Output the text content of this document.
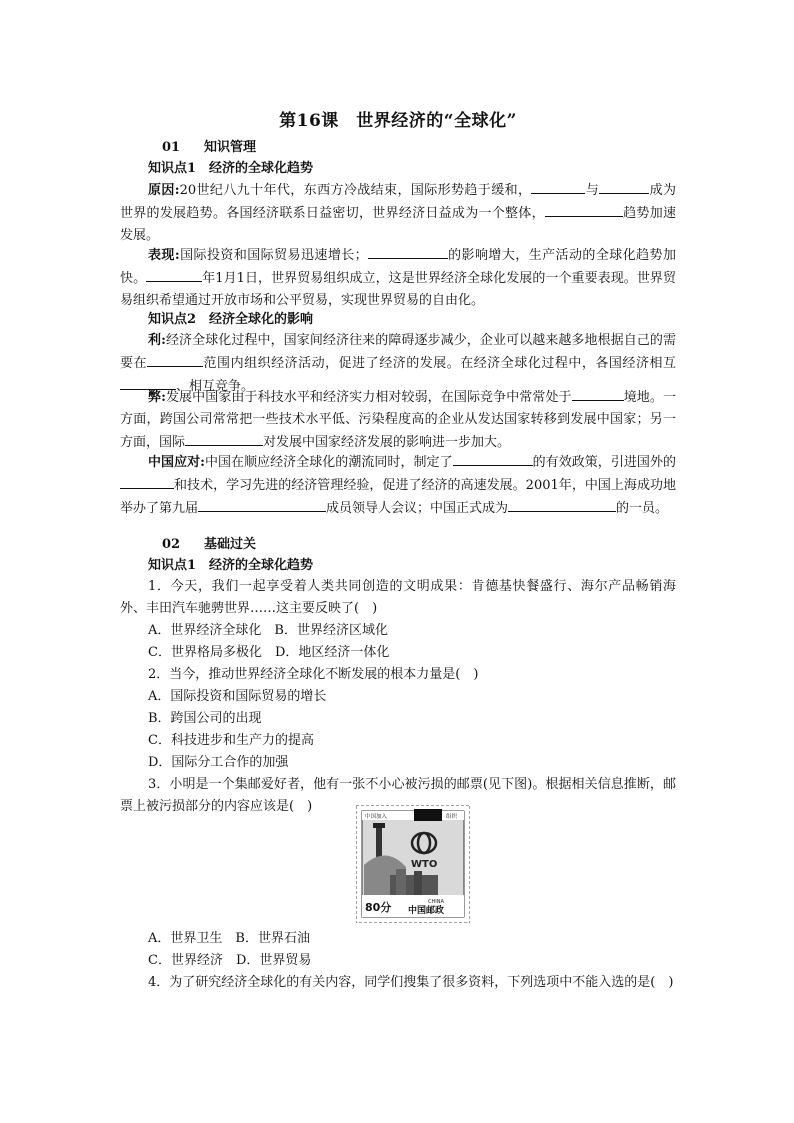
第16课　世界经济的“全球化”
01 知识管理
知识点1　经济的全球化趋势
原因:20世纪八九十年代，东西方冷战结束，国际形势趋于缓和，	与	成为世界的发展趋势。各国经济联系日益密切，世界经济日益成为一个整体，	趋势加速发展。
表现:国际投资和国际贸易迅速增长；	的影响增大，生产活动的全球化趋势加快。	年1月1日，世界贸易组织成立，这是世界经济全球化发展的一个重要表现。世界贸易组织希望通过开放市场和公平贸易，实现世界贸易的自由化。
知识点2　经济全球化的影响
利:经济全球化过程中，国家间经济往来的障碍逐步减少，企业可以越来越多地根据自己的需要在	范围内组织经济活动，促进了经济的发展。在经济全球化过程中，各国经济相互、相互竞争。
弊:发展中国家由于科技水平和经济实力相对较弱，在国际竞争中常常处于	境地。一方面，跨国公司常常把一些技术水平低、污染程度高的企业从发达国家转移到发展中国家；另一方面，国际	对发展中国家经济发展的影响进一步加大。
中国应对:中国在顺应经济全球化的潮流同时，制定了	的有效政策，引进国外的和技术，学习先进的经济管理经验，促进了经济的高速发展。2001年，中国上海成功地举办了第九届	成员领导人会议；中国正式成为	的一员。
02 基础过关
知识点1　经济的全球化趋势
1．今天，我们一起享受着人类共同创造的文明成果：肯德基快餐盛行、海尔产品畅销海外、丰田汽车驰骋世界……这主要反映了(　)
A．世界经济全球化　B．世界经济区域化
C．世界格局多极化　D．地区经济一体化
2．当今，推动世界经济全球化不断发展的根本力量是(　)
A．国际投资和国际贸易的增长
B．跨国公司的出现
C．科技进步和生产力的提高
D．国际分工合作的加强
3．小明是一个集邮爱好者，他有一张不小心被污损的邮票(见下图)。根据相关信息推断，邮票上被污损部分的内容应该是(　)
中国加入	组织
WTO
80分	CHINA
中国邮政
A．世界卫生　B．世界石油
C．世界经济　D．世界贸易
4．为了研究经济全球化的有关内容，同学们搜集了很多资料，下列选项中不能入选的是(　)
